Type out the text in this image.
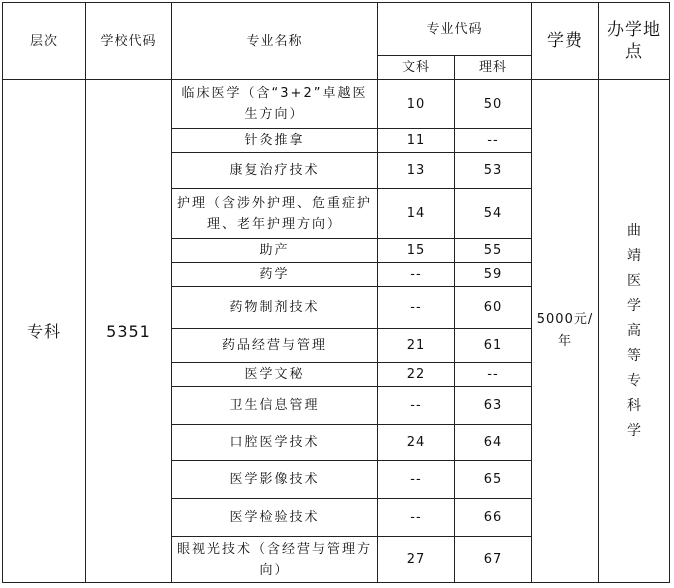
层次	学校代码	专业名称	专业代码		学费	办学地点
			文科	理科		
专科	5351	临床医学（含“3+2”卓越医生方向）	10	50	5000元/年	曲靖医学高等专科学
		针灸推拿	11	--		
		康复治疗技术	13	53		
		护理（含涉外护理、危重症护理、老年护理方向）	14	54		
		助产	15	55		
		药学	--	59		
		药物制剂技术	--	60		
		药品经营与管理	21	61		
		医学文秘	22	--		
		卫生信息管理	--	63		
		口腔医学技术	24	64		
		医学影像技术	--	65		
		医学检验技术	--	66		
		眼视光技术（含经营与管理方向）	27	67		
